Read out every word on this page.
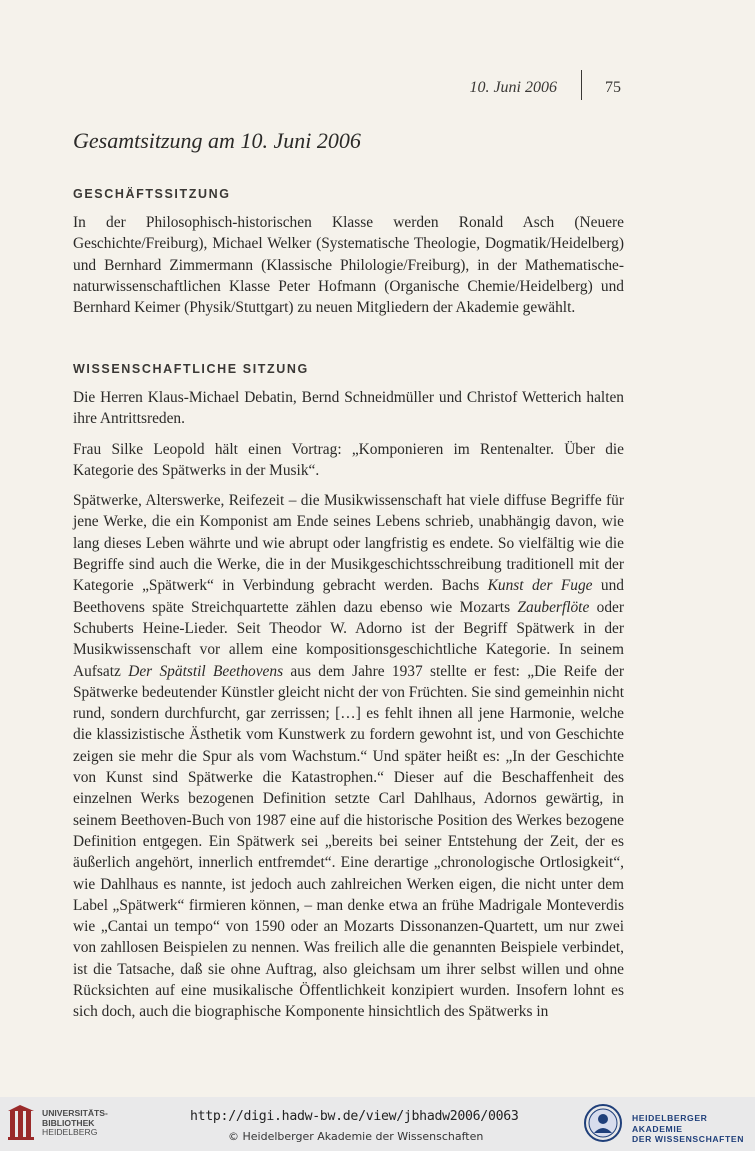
10. Juni 2006	75
Gesamtsitzung am 10. Juni 2006
GESCHÄFTSSITZUNG

In der Philosophisch-historischen Klasse werden Ronald Asch (Neuere Geschichte/Freiburg), Michael Welker (Systematische Theologie, Dogmatik/Heidelberg) und Bernhard Zimmermann (Klassische Philologie/Freiburg), in der Mathematische-naturwissenschaftlichen Klasse Peter Hofmann (Organische Chemie/Heidelberg) und Bernhard Keimer (Physik/Stuttgart) zu neuen Mitgliedern der Akademie gewählt.

WISSENSCHAFTLICHE SITZUNG

Die Herren Klaus-Michael Debatin, Bernd Schneidmüller und Christof Wetterich halten ihre Antrittsreden.

Frau Silke Leopold hält einen Vortrag: „Komponieren im Rentenalter. Über die Kategorie des Spätwerks in der Musik“.

Spätwerke, Alterswerke, Reifezeit – die Musikwissenschaft hat viele diffuse Begriffe für jene Werke, die ein Komponist am Ende seines Lebens schrieb, unabhängig davon, wie lang dieses Leben währte und wie abrupt oder langfristig es endete. So vielfältig wie die Begriffe sind auch die Werke, die in der Musikgeschichtsschreibung traditionell mit der Kategorie „Spätwerk“ in Verbindung gebracht werden. Bachs Kunst der Fuge und Beethovens späte Streichquartette zählen dazu ebenso wie Mozarts Zauberflöte oder Schuberts Heine-Lieder. Seit Theodor W. Adorno ist der Begriff Spätwerk in der Musikwissenschaft vor allem eine kompositionsgeschichtliche Kategorie. In seinem Aufsatz Der Spätstil Beethovens aus dem Jahre 1937 stellte er fest: „Die Reife der Spätwerke bedeutender Künstler gleicht nicht der von Früchten. Sie sind gemeinhin nicht rund, sondern durchfurcht, gar zerrissen; […] es fehlt ihnen all jene Harmonie, welche die klassizistische Ästhetik vom Kunstwerk zu fordern gewohnt ist, und von Geschichte zeigen sie mehr die Spur als vom Wachstum.“ Und später heißt es: „In der Geschichte von Kunst sind Spätwerke die Katastrophen.“ Dieser auf die Beschaffenheit des einzelnen Werks bezogenen Definition setzte Carl Dahlhaus, Adornos gewärtig, in seinem Beethoven-Buch von 1987 eine auf die historische Position des Werkes bezogene Definition entgegen. Ein Spätwerk sei „bereits bei seiner Entstehung der Zeit, der es äußerlich angehört, innerlich entfremdet“. Eine derartige „chronologische Ortlosigkeit“, wie Dahlhaus es nannte, ist jedoch auch zahlreichen Werken eigen, die nicht unter dem Label „Spätwerk“ firmieren können, – man denke etwa an frühe Madrigale Monteverdis wie „Cantai un tempo“ von 1590 oder an Mozarts Dissonanzen-Quartett, um nur zwei von zahllosen Beispielen zu nennen. Was freilich alle die genannten Beispiele verbindet, ist die Tatsache, daß sie ohne Auftrag, also gleichsam um ihrer selbst willen und ohne Rücksichten auf eine musikalische Öffentlichkeit konzipiert wurden. Insofern lohnt es sich doch, auch die biographische Komponente hinsichtlich des Spätwerks in

UNIVERSITÄTS-
BIBLIOTHEK
HEIDELBERG
http://digi.hadw-bw.de/view/jbhadw2006/0063
© Heidelberger Akademie der Wissenschaften
HEIDELBERGER AKADEMIE
DER WISSENSCHAFTEN
